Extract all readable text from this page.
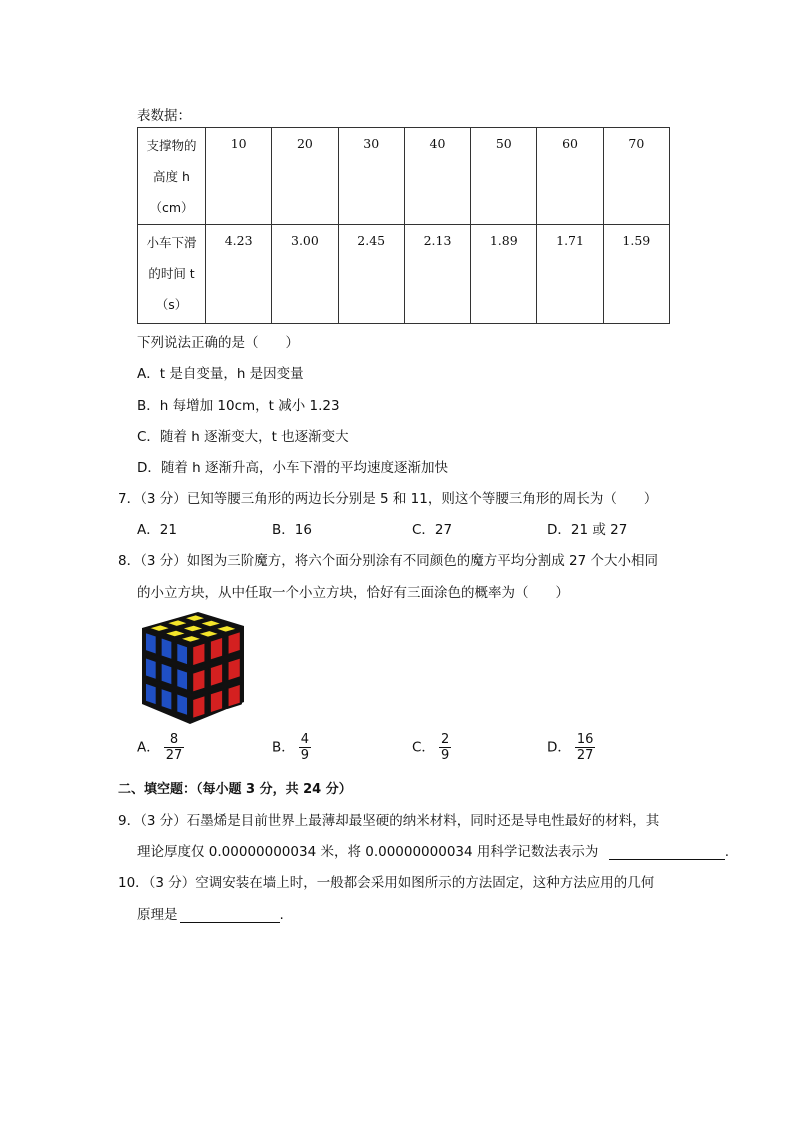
表数据：
支撑物的
高度 h
（cm）	10	20	30	40	50	60	70

小车下滑
的时间 t
（s）	4.23	3.00	2.45	2.13	1.89	1.71	1.59
下列说法正确的是（　　）
A．t 是自变量，h 是因变量
B．h 每增加 10cm，t 减小 1.23
C．随着 h 逐渐变大，t 也逐渐变大
D．随着 h 逐渐升高，小车下滑的平均速度逐渐加快
7．（3 分）已知等腰三角形的两边长分别是 5 和 11，则这个等腰三角形的周长为（　　）
A．21	B．16	C．27	D．21 或 27
8．（3 分）如图为三阶魔方，将六个面分别涂有不同颜色的魔方平均分割成 27 个大小相同
的小立方块，从中任取一个小立方块，恰好有三面涂色的概率为（　　）
A． $\frac{8}{27}$	B． $\frac{4}{9}$	C． $\frac{2}{9}$	D． $\frac{16}{27}$
二、填空题：（每小题 3 分，共 24 分）
9．（3 分）石墨烯是目前世界上最薄却最坚硬的纳米材料，同时还是导电性最好的材料，其
理论厚度仅 0.00000000034 米，将 0.00000000034 用科学记数法表示为	.
10．（3 分）空调安装在墙上时，一般都会采用如图所示的方法固定，这种方法应用的几何
原理是	.
